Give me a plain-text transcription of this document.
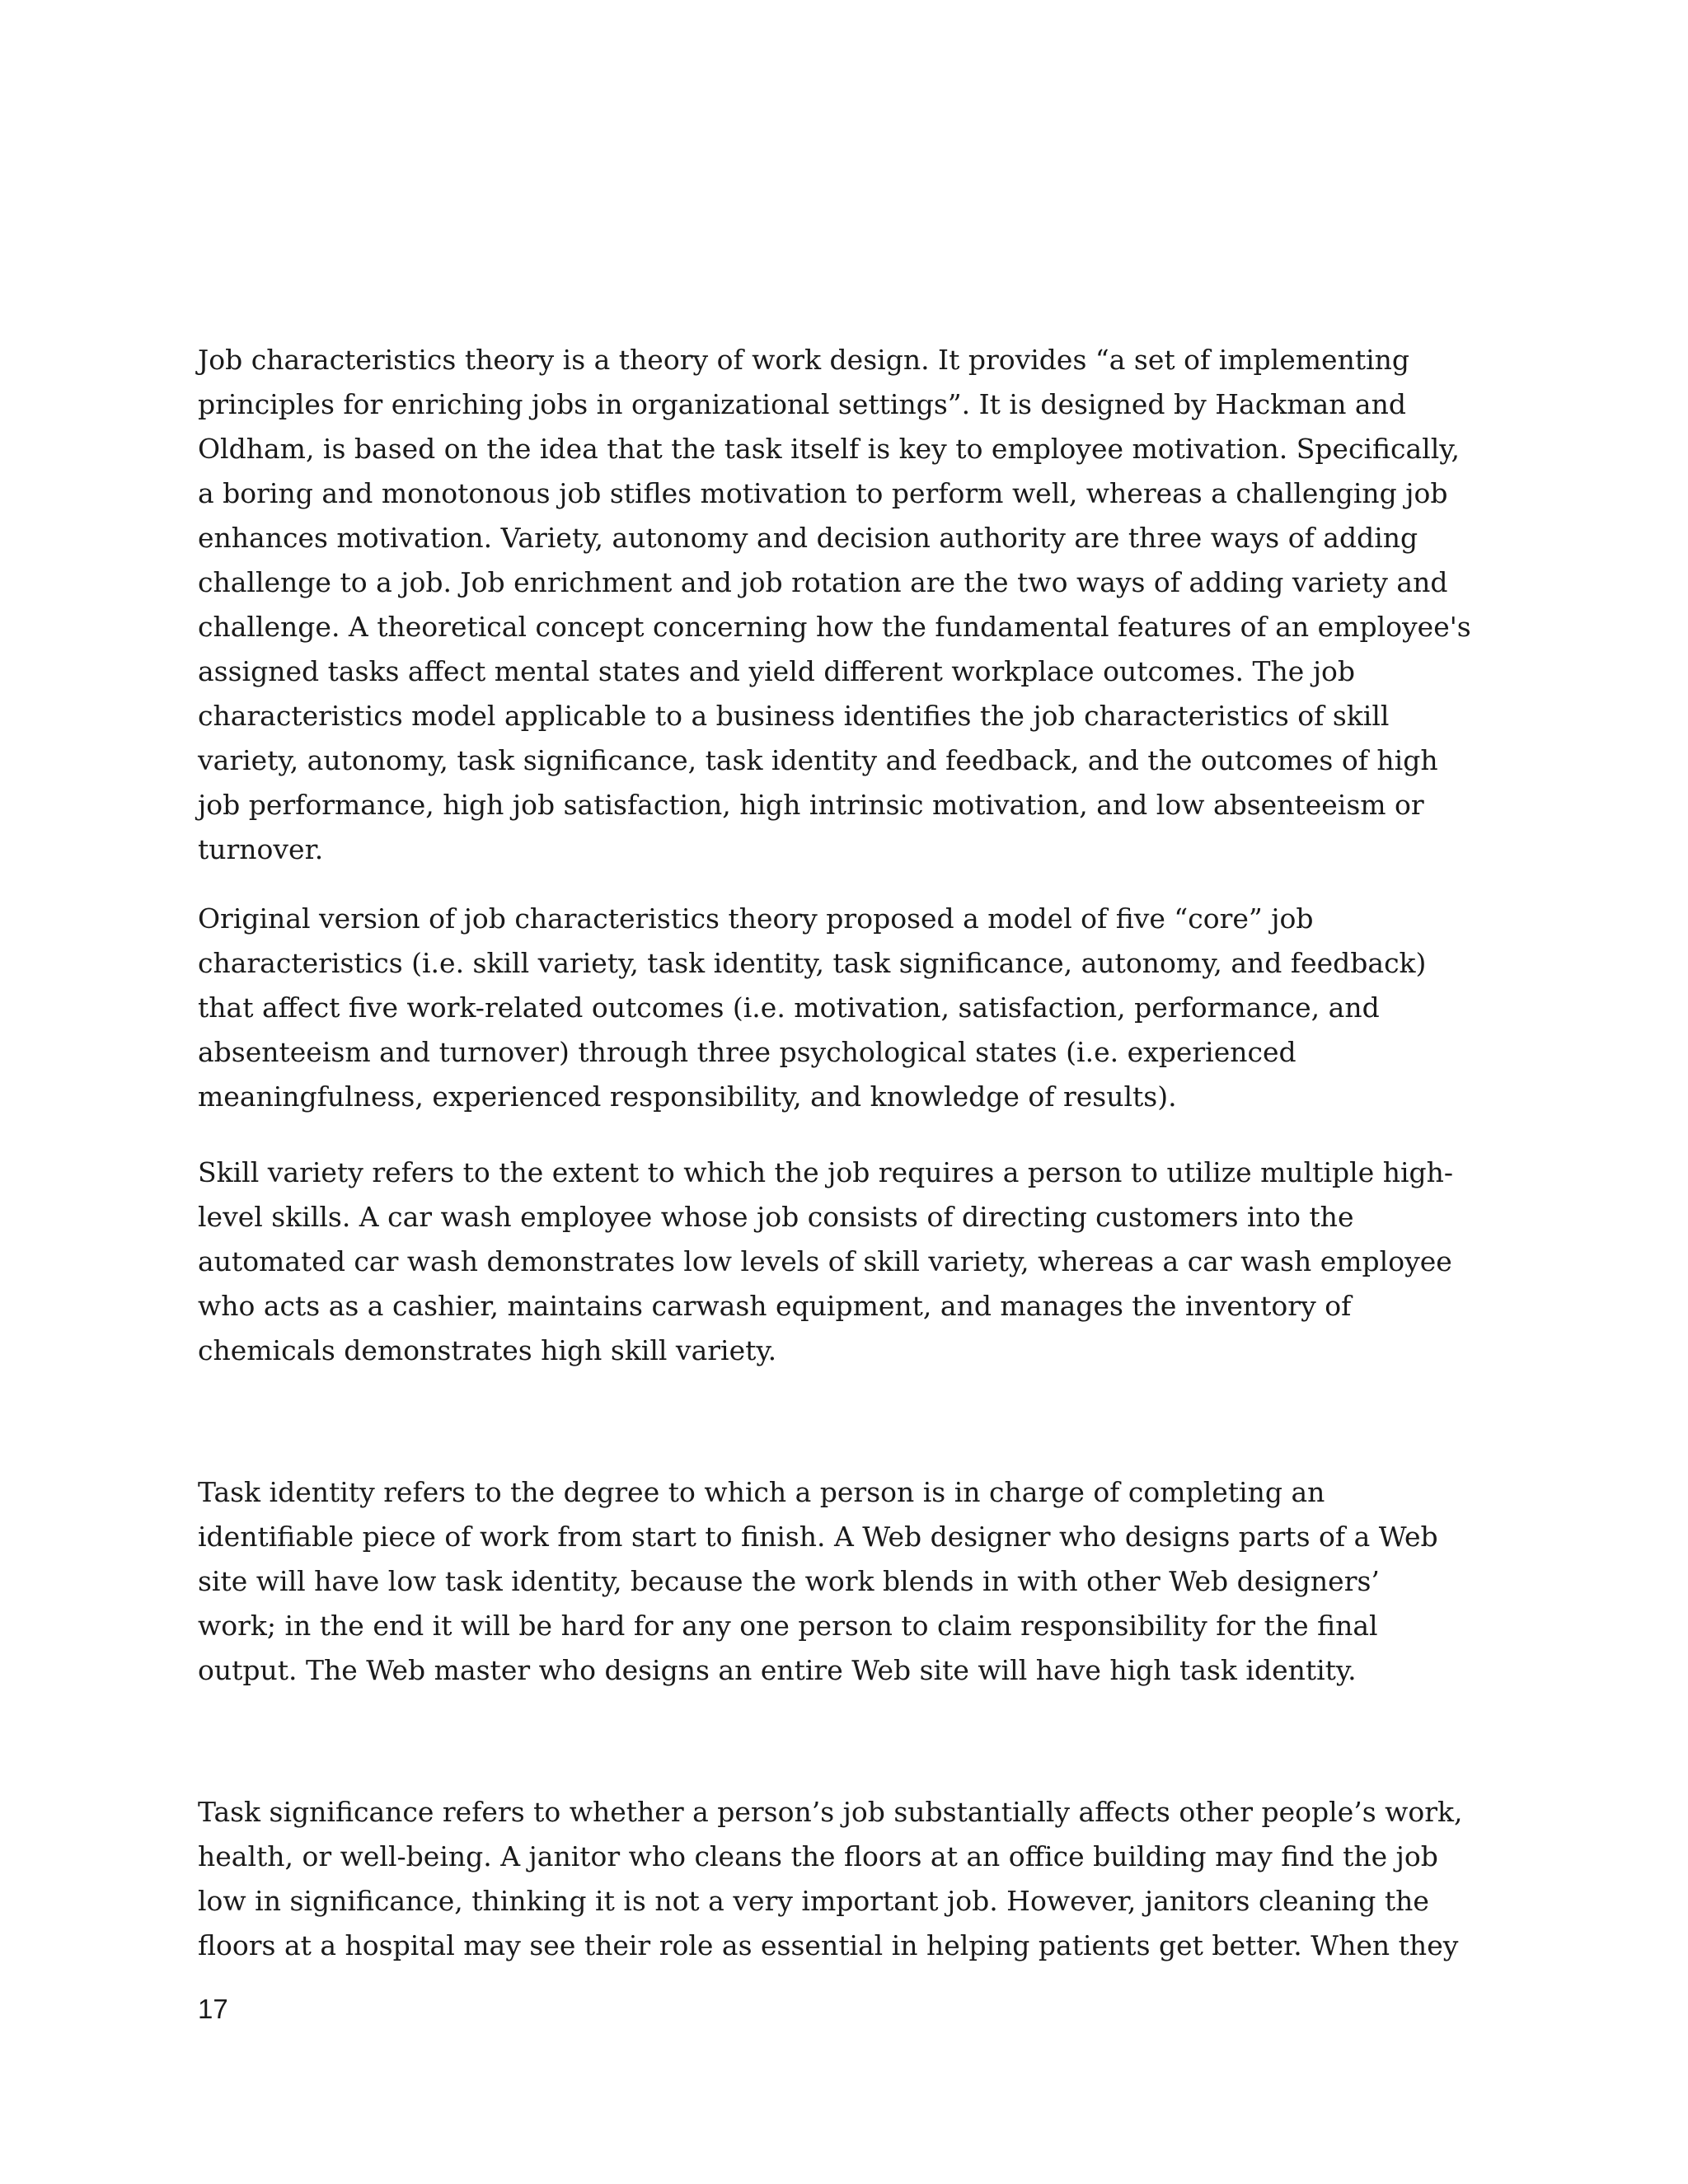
Job characteristics theory is a theory of work design. It provides “a set of implementing
principles for enriching jobs in organizational settings”. It is designed by Hackman and
Oldham, is based on the idea that the task itself is key to employee motivation. Specifically,
a boring and monotonous job stifles motivation to perform well, whereas a challenging job
enhances motivation. Variety, autonomy and decision authority are three ways of adding
challenge to a job. Job enrichment and job rotation are the two ways of adding variety and
challenge. A theoretical concept concerning how the fundamental features of an employee's
assigned tasks affect mental states and yield different workplace outcomes. The job
characteristics model applicable to a business identifies the job characteristics of skill
variety, autonomy, task significance, task identity and feedback, and the outcomes of high
job performance, high job satisfaction, high intrinsic motivation, and low absenteeism or
turnover.
Original version of job characteristics theory proposed a model of five “core” job
characteristics (i.e. skill variety, task identity, task significance, autonomy, and feedback)
that affect five work-related outcomes (i.e. motivation, satisfaction, performance, and
absenteeism and turnover) through three psychological states (i.e. experienced
meaningfulness, experienced responsibility, and knowledge of results).
Skill variety refers to the extent to which the job requires a person to utilize multiple high-
level skills. A car wash employee whose job consists of directing customers into the
automated car wash demonstrates low levels of skill variety, whereas a car wash employee
who acts as a cashier, maintains carwash equipment, and manages the inventory of
chemicals demonstrates high skill variety.
Task identity refers to the degree to which a person is in charge of completing an
identifiable piece of work from start to finish. A Web designer who designs parts of a Web
site will have low task identity, because the work blends in with other Web designers’
work; in the end it will be hard for any one person to claim responsibility for the final
output. The Web master who designs an entire Web site will have high task identity.
Task significance refers to whether a person’s job substantially affects other people’s work,
health, or well-being. A janitor who cleans the floors at an office building may find the job
low in significance, thinking it is not a very important job. However, janitors cleaning the
floors at a hospital may see their role as essential in helping patients get better. When they

17
